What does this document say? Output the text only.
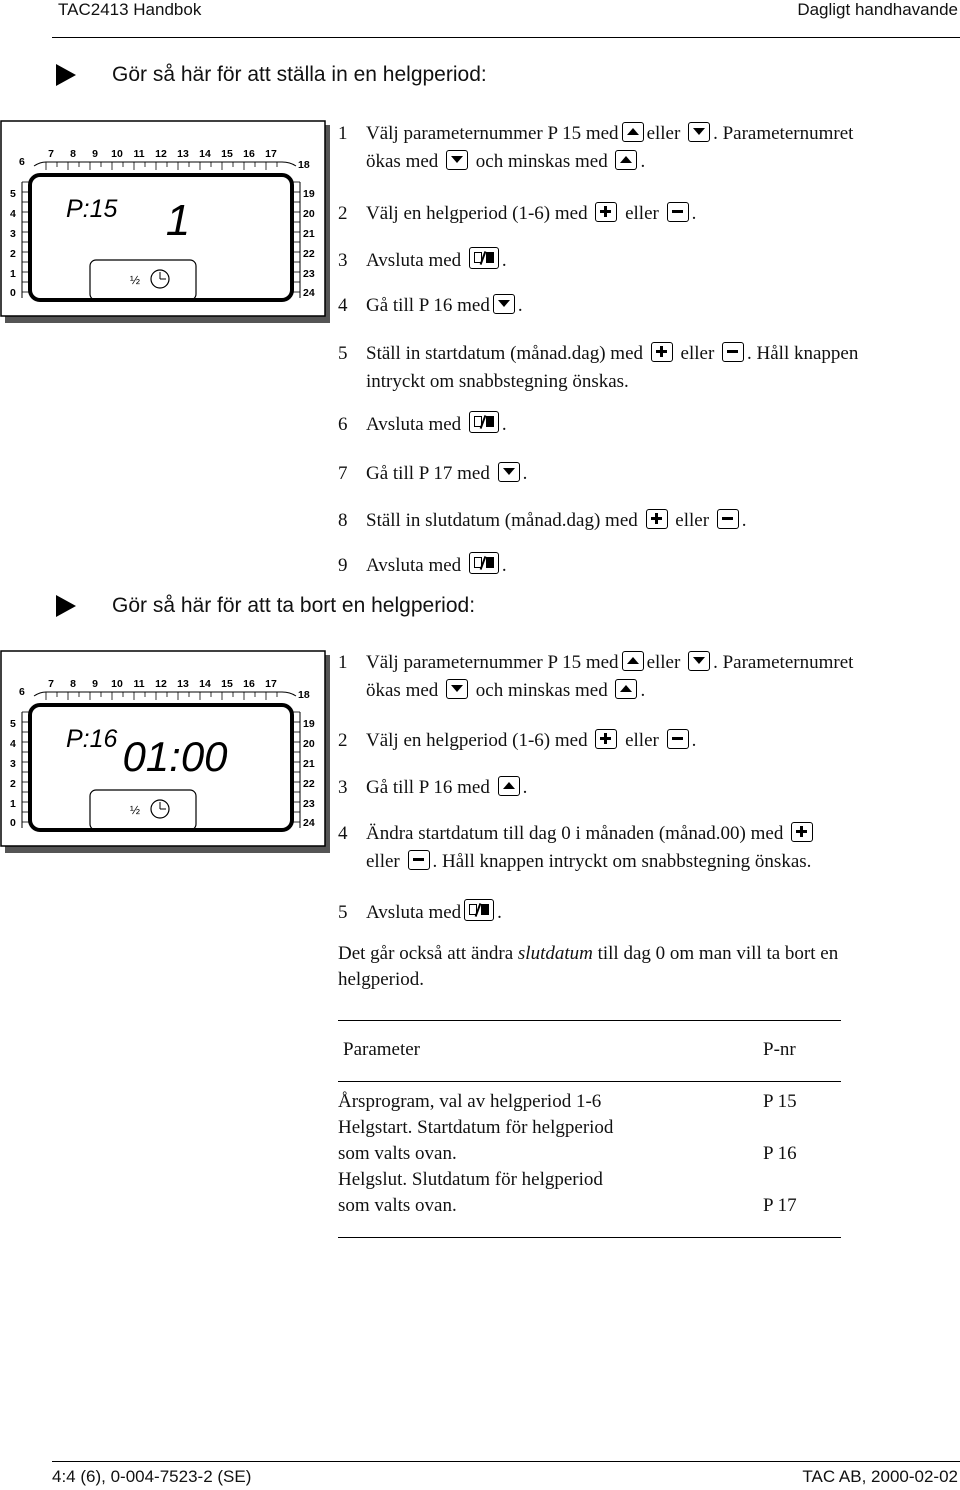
TAC2413 Handbok	Dagligt handhavande
Gör så här för att ställa in en helgperiod:
7 8 9 10 11 12 13 14 15 16 17
6
5
4
3
2
1
0
18
19
20
21
22
23
24
P:15 1
½
7 8 9 10 11 12 13 14 15 16 17
6
5
4
3
2
1
0
18
19
20
21
22
23
24
P:16 01:00
½
1 Välj parameternummer P 15 med eller . Parameternumret
ökas med och minskas med .
2 Välj en helgperiod (1-6) med eller .
3 Avsluta med .
4 Gå till P 16 med .
5 Ställ in startdatum (månad.dag) med eller . Håll knappen
intryckt om snabbstegning önskas.
6 Avsluta med .
7 Gå till P 17 med .
8 Ställ in slutdatum (månad.dag) med eller .
9 Avsluta med .
Gör så här för att ta bort en helgperiod:
1 Välj parameternummer P 15 med eller . Parameternumret
ökas med och minskas med .
2 Välj en helgperiod (1-6) med eller .
3 Gå till P 16 med .
4 Ändra startdatum till dag 0 i månaden (månad.00) med
eller . Håll knappen intryckt om snabbstegning önskas.
5 Avsluta med .
Det går också att ändra slutdatum till dag 0 om man vill ta bort en helgperiod.
Parameter	P-nr
Årsprogram, val av helgperiod 1-6	P 15
Helgstart. Startdatum för helgperiod
som valts ovan.	P 16
Helgslut. Slutdatum för helgperiod
som valts ovan.	P 17
4:4 (6), 0-004-7523-2 (SE)	TAC AB, 2000-02-02
